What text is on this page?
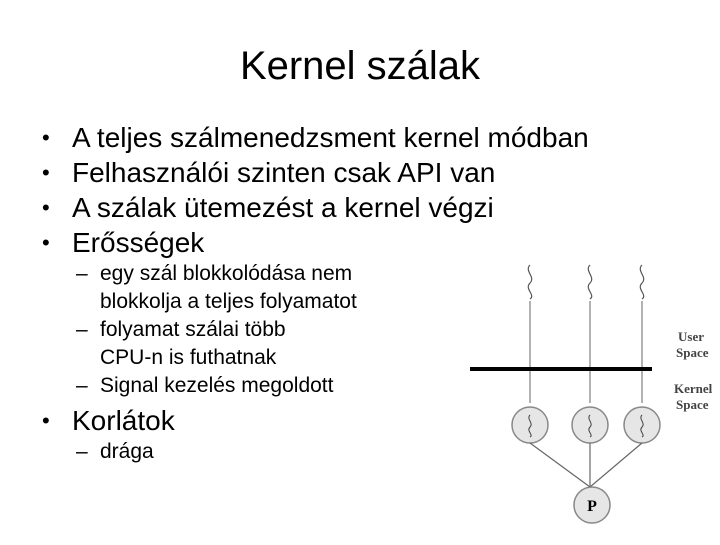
Kernel szálak
• A teljes szálmenedzsment kernel módban
• Felhasználói szinten csak API van
• A szálak ütemezést a kernel végzi
• Erősségek
– egy szál blokkolódása nem
blokkolja a teljes folyamatot
– folyamat szálai több
CPU-n is futhatnak
– Signal kezelés megoldott
• Korlátok
– drága
P
User
Space
Kernel
Space
